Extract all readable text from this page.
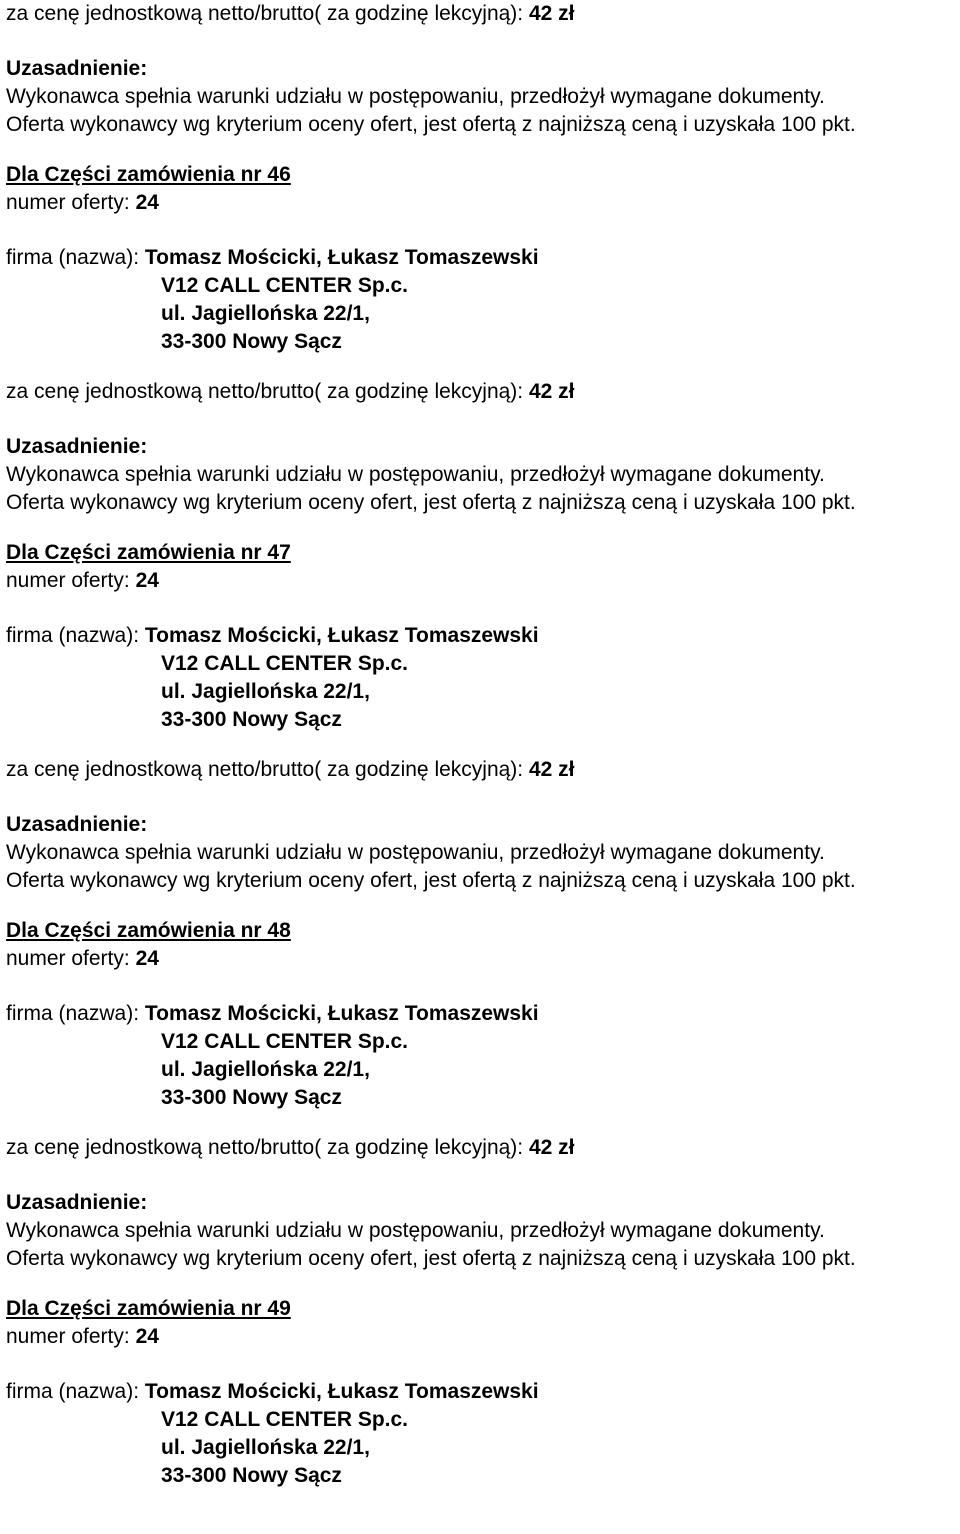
za cenę jednostkową netto/brutto( za godzinę lekcyjną): 42 zł
Uzasadnienie:
Wykonawca spełnia warunki udziału w postępowaniu, przedłożył wymagane dokumenty.
Oferta wykonawcy wg kryterium oceny ofert, jest ofertą z najniższą ceną i uzyskała 100 pkt.
Dla Części zamówienia nr 46
numer oferty: 24
firma (nazwa): Tomasz Mościcki, Łukasz Tomaszewski
V12 CALL CENTER Sp.c.
ul. Jagiellońska 22/1,
33-300 Nowy Sącz
za cenę jednostkową netto/brutto( za godzinę lekcyjną): 42 zł
Uzasadnienie:
Wykonawca spełnia warunki udziału w postępowaniu, przedłożył wymagane dokumenty.
Oferta wykonawcy wg kryterium oceny ofert, jest ofertą z najniższą ceną i uzyskała 100 pkt.
Dla Części zamówienia nr 47
numer oferty: 24
firma (nazwa): Tomasz Mościcki, Łukasz Tomaszewski
V12 CALL CENTER Sp.c.
ul. Jagiellońska 22/1,
33-300 Nowy Sącz
za cenę jednostkową netto/brutto( za godzinę lekcyjną): 42 zł
Uzasadnienie:
Wykonawca spełnia warunki udziału w postępowaniu, przedłożył wymagane dokumenty.
Oferta wykonawcy wg kryterium oceny ofert, jest ofertą z najniższą ceną i uzyskała 100 pkt.
Dla Części zamówienia nr 48
numer oferty: 24
firma (nazwa): Tomasz Mościcki, Łukasz Tomaszewski
V12 CALL CENTER Sp.c.
ul. Jagiellońska 22/1,
33-300 Nowy Sącz
za cenę jednostkową netto/brutto( za godzinę lekcyjną): 42 zł
Uzasadnienie:
Wykonawca spełnia warunki udziału w postępowaniu, przedłożył wymagane dokumenty.
Oferta wykonawcy wg kryterium oceny ofert, jest ofertą z najniższą ceną i uzyskała 100 pkt.
Dla Części zamówienia nr 49
numer oferty: 24
firma (nazwa): Tomasz Mościcki, Łukasz Tomaszewski
V12 CALL CENTER Sp.c.
ul. Jagiellońska 22/1,
33-300 Nowy Sącz
